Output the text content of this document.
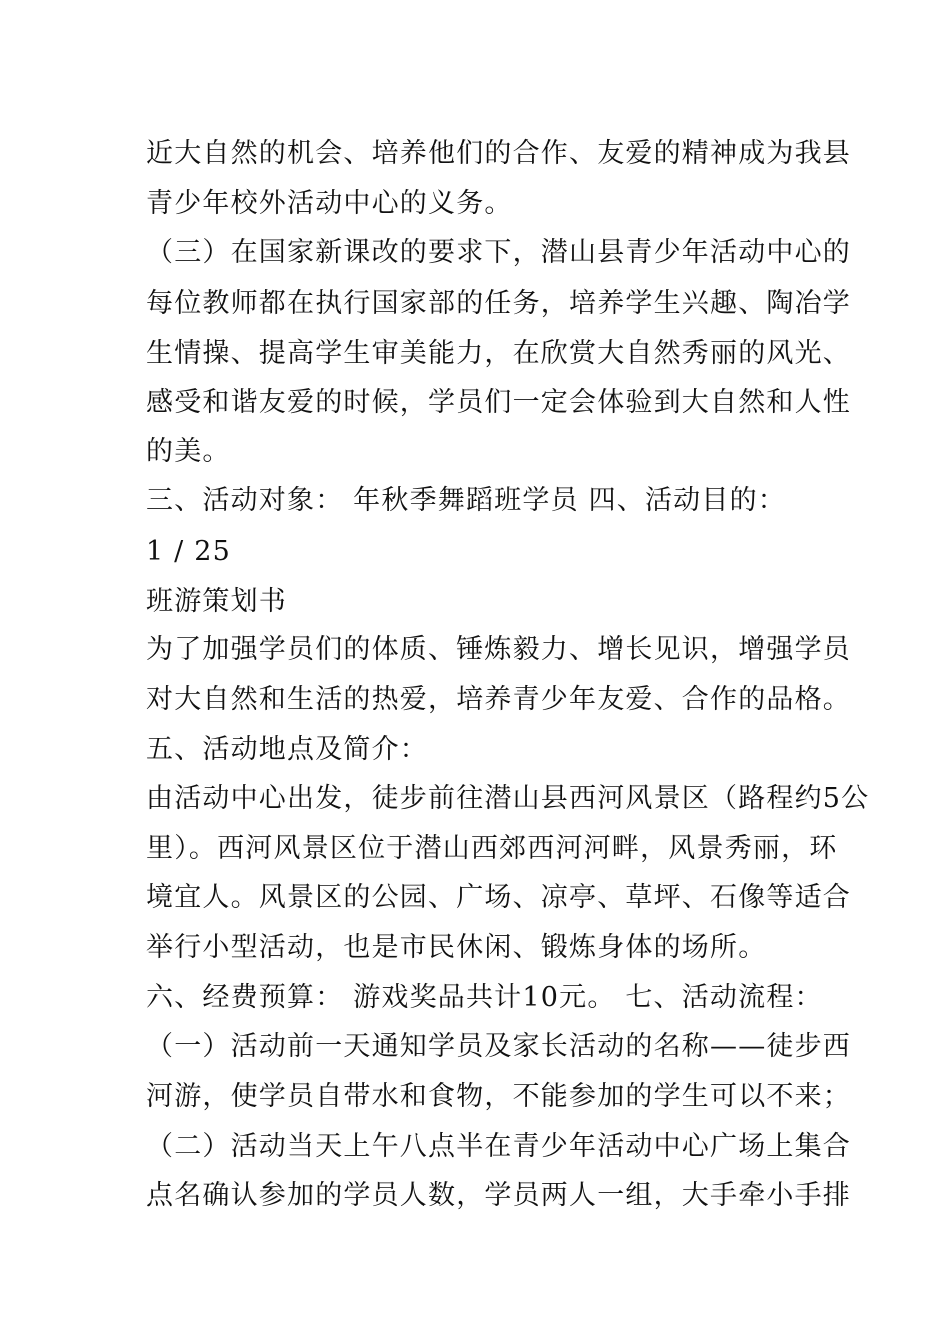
近大自然的机会、培养他们的合作、友爱的精神成为我县
青少年校外活动中心的义务。
（三）在国家新课改的要求下，潜山县青少年活动中心的
每位教师都在执行国家部的任务，培养学生兴趣、陶冶学
生情操、提高学生审美能力，在欣赏大自然秀丽的风光、
感受和谐友爱的时候，学员们一定会体验到大自然和人性
的美。
三、活动对象： 年秋季舞蹈班学员 四、活动目的：
1 / 25
班游策划书
为了加强学员们的体质、锤炼毅力、增长见识，增强学员
对大自然和生活的热爱，培养青少年友爱、合作的品格。
五、活动地点及简介：
由活动中心出发，徒步前往潜山县西河风景区（路程约5公
里）。西河风景区位于潜山西郊西河河畔，风景秀丽，环
境宜人。风景区的公园、广场、凉亭、草坪、石像等适合
举行小型活动，也是市民休闲、锻炼身体的场所。
六、经费预算： 游戏奖品共计10元。 七、活动流程：
（一）活动前一天通知学员及家长活动的名称——徒步西
河游，使学员自带水和食物，不能参加的学生可以不来；
（二）活动当天上午八点半在青少年活动中心广场上集合
点名确认参加的学员人数，学员两人一组，大手牵小手排
